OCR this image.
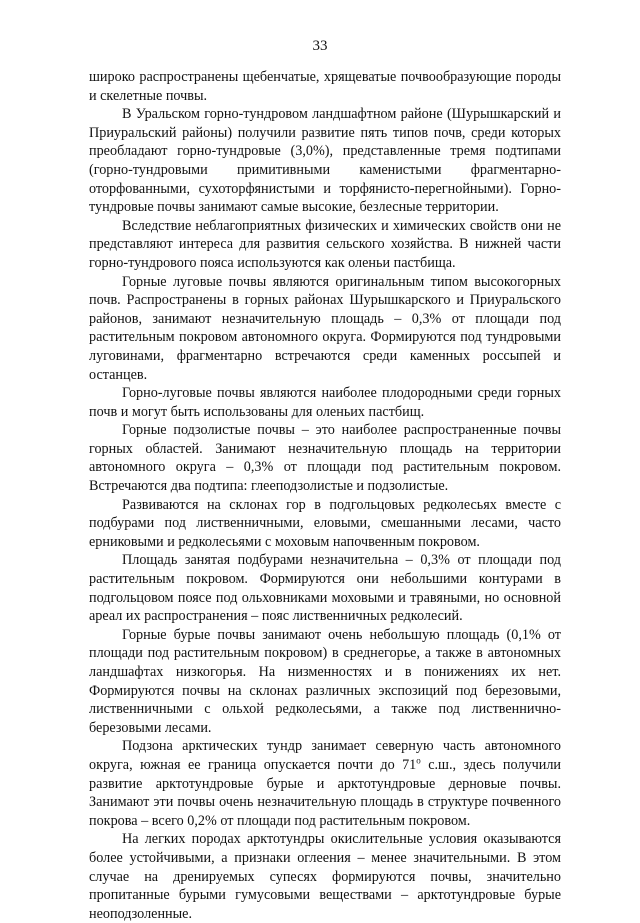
33

широко распространены щебенчатые, хрящеватые почвообразующие породы и скелетные почвы.

В Уральском горно-тундровом ландшафтном районе (Шурышкарский и Приуральский районы) получили развитие пять типов почв, среди которых преобладают горно-тундровые (3,0%), представленные тремя подтипами (горно-тундровыми примитивными каменистыми фрагментарно-оторфованными, сухоторфянистыми и торфянисто-перегнойными). Горно-тундровые почвы занимают самые высокие, безлесные территории.

Вследствие неблагоприятных физических и химических свойств они не представляют интереса для развития сельского хозяйства. В нижней части горно-тундрового пояса используются как оленьи пастбища.

Горные луговые почвы являются оригинальным типом высокогорных почв. Распространены в горных районах Шурышкарского и Приуральского районов, занимают незначительную площадь – 0,3% от площади под растительным покровом автономного округа. Формируются под тундровыми луговинами, фрагментарно встречаются среди каменных россыпей и останцев.

Горно-луговые почвы являются наиболее плодородными среди горных почв и могут быть использованы для оленьих пастбищ.

Горные подзолистые почвы – это наиболее распространенные почвы горных областей. Занимают незначительную площадь на территории автономного округа – 0,3% от площади под растительным покровом. Встречаются два подтипа: глееподзолистые и подзолистые.

Развиваются на склонах гор в подгольцовых редколесьях вместе с подбурами под лиственничными, еловыми, смешанными лесами, часто ерниковыми и редколесьями с моховым напочвенным покровом.

Площадь занятая подбурами незначительна – 0,3% от площади под растительным покровом. Формируются они небольшими контурами в подгольцовом поясе под ольховниками моховыми и травяными, но основной ареал их распространения – пояс лиственничных редколесий.

Горные бурые почвы занимают очень небольшую площадь (0,1% от площади под растительным покровом) в среднегорье, а также в автономных ландшафтах низкогорья. На низменностях и в понижениях их нет. Формируются почвы на склонах различных экспозиций под березовыми, лиственничными с ольхой редколесьями, а также под лиственнично-березовыми лесами.

Подзона арктических тундр занимает северную часть автономного округа, южная ее граница опускается почти до 71$^o$ с.ш., здесь получили развитие арктотундровые бурые и арктотундровые дерновые почвы. Занимают эти почвы очень незначительную площадь в структуре почвенного покрова – всего 0,2% от площади под растительным покровом.

На легких породах арктотундры окислительные условия оказываются более устойчивыми, а признаки оглеения – менее значительными. В этом случае на дренируемых супесях формируются почвы, значительно пропитанные бурыми гумусовыми веществами – арктотундровые бурые неоподзоленные.
